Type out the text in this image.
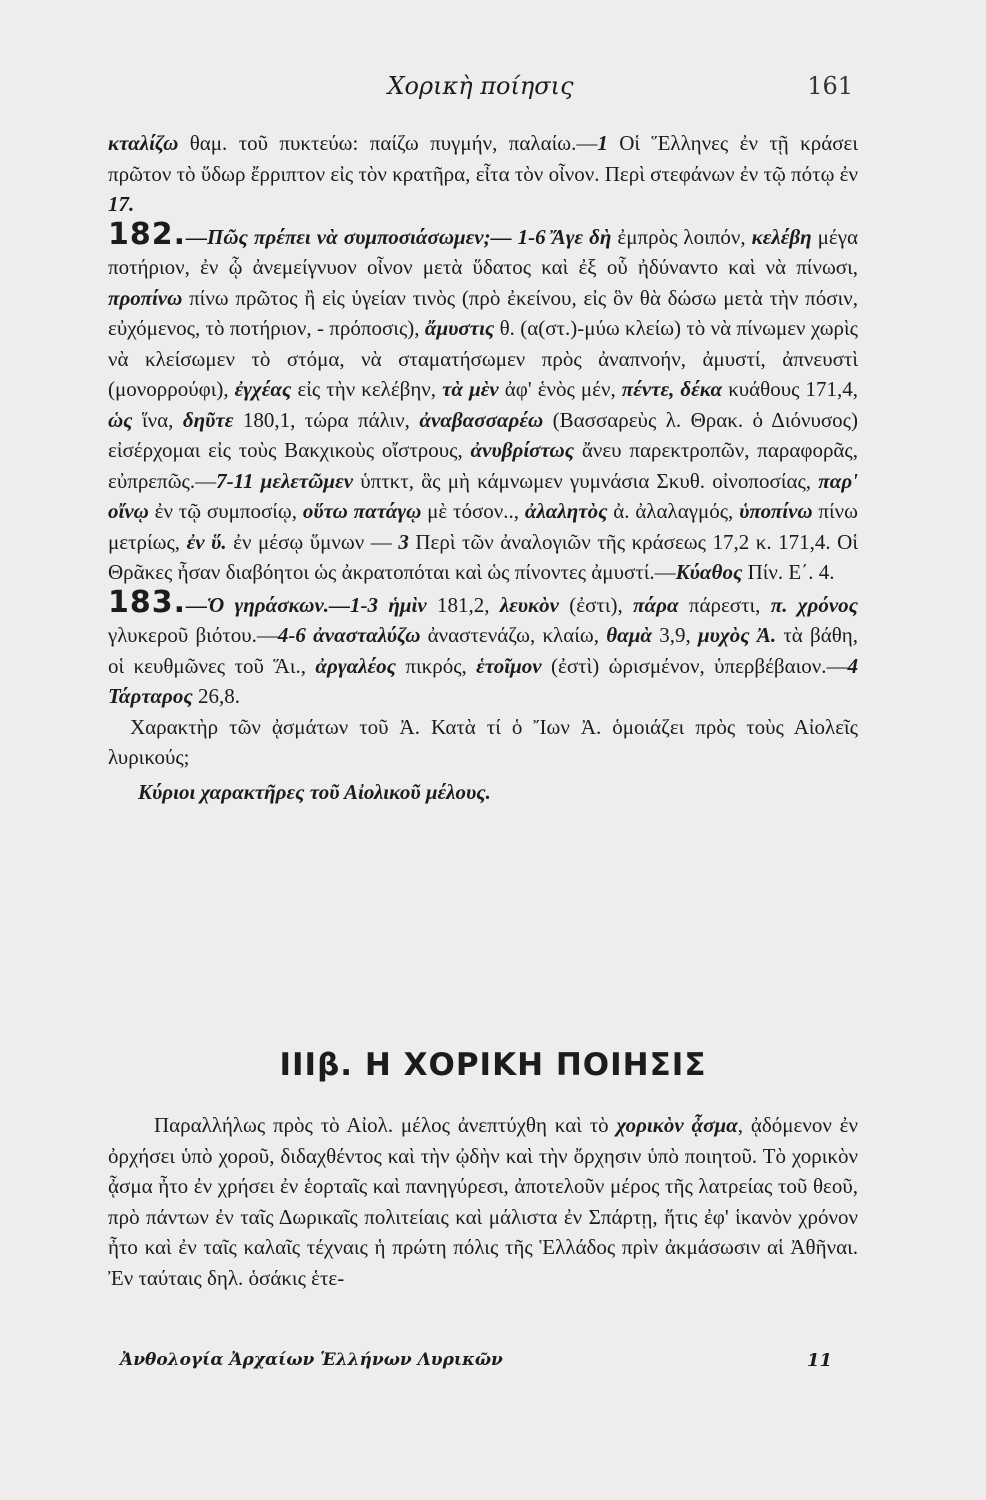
Χορικὴ ποίησις	161

κταλίζω θαμ. τοῦ πυκτεύω: παίζω πυγμήν, παλαίω.—1 Οἱ Ἕλληνες ἐν τῇ κράσει πρῶτον τὸ ὕδωρ ἔρριπτον εἰς τὸν κρατῆρα, εἶτα τὸν οἶνον. Περὶ στεφάνων ἐν τῷ πότῳ ἐν 17.

182.—Πῶς πρέπει νὰ συμποσιάσωμεν;— 1-6 Ἄγε δὴ ἐμπρὸς λοιπόν, κελέβη μέγα ποτήριον, ἐν ᾧ ἀνεμείγνυον οἶνον μετὰ ὕδατος καὶ ἐξ οὗ ἠδύναντο καὶ νὰ πίνωσι, προπίνω πίνω πρῶτος ἢ εἰς ὑγείαν τινὸς (πρὸ ἐκείνου, εἰς ὃν θὰ δώσω μετὰ τὴν πόσιν, εὐχόμενος, τὸ ποτήριον, - πρόποσις), ἄμυστις θ. (α(στ.)-μύω κλείω) τὸ νὰ πίνωμεν χωρὶς νὰ κλείσωμεν τὸ στόμα, νὰ σταματήσωμεν πρὸς ἀναπνοήν, ἀμυστί, ἀπνευστὶ (μονορρούφι), ἐγχέας εἰς τὴν κελέβην, τὰ μὲν ἀφ' ἑνὸς μέν, πέντε, δέκα κυάθους 171,4, ὡς ἵνα, δηῦτε 180,1, τώρα πάλιν, ἀναβασσαρέω (Βασσαρεὺς λ. Θρακ. ὁ Διόνυσος) εἰσέρχομαι εἰς τοὺς Βακχικοὺς οἴστρους, ἀνυβρίστως ἄνευ παρεκτροπῶν, παραφορᾶς, εὐπρεπῶς.—7-11 μελετῶμεν ὑπτκτ, ἃς μὴ κάμνωμεν γυμνάσια Σκυθ. οἰνοποσίας, παρ' οἴνῳ ἐν τῷ συμποσίῳ, οὕτω πατάγῳ μὲ τόσον.., ἀλαλητὸς ἀ. ἀλαλαγμός, ὑποπίνω πίνω μετρίως, ἐν ὕ. ἐν μέσῳ ὕμνων — 3 Περὶ τῶν ἀναλογιῶν τῆς κράσεως 17,2 κ. 171,4. Οἱ Θρᾶκες ἦσαν διαβόητοι ὡς ἀκρατοπόται καὶ ὡς πίνοντες ἀμυστί.—Κύαθος Πίν. Ε΄. 4.

183.—Ὁ γηράσκων.—1-3 ἡμὶν 181,2, λευκὸν (ἐστι), πάρα πάρεστι, π. χρόνος γλυκεροῦ βιότου.—4-6 ἀνασταλύζω ἀναστενάζω, κλαίω, θαμὰ 3,9, μυχὸς Ἀ. τὰ βάθη, οἱ κευθμῶνες τοῦ Ἅι., ἀργαλέος πικρός, ἑτοῖμον (ἐστὶ) ὡρισμένον, ὑπερβέβαιον.—4 Τάρταρος 26,8.

Χαρακτὴρ τῶν ᾀσμάτων τοῦ Ἀ. Κατὰ τί ὁ Ἴων Ἀ. ὁμοιάζει πρὸς τοὺς Αἰολεῖς λυρικούς;

Κύριοι χαρακτῆρες τοῦ Αἰολικοῦ μέλους.

ΙΙΙβ. Η ΧΟΡΙΚΗ ΠΟΙΗΣΙΣ
Παραλλήλως πρὸς τὸ Αἰολ. μέλος ἀνεπτύχθη καὶ τὸ χορικὸν ᾆσμα, ᾀδόμενον ἐν ὀρχήσει ὑπὸ χοροῦ, διδαχθέντος καὶ τὴν ᾠδὴν καὶ τὴν ὄρχησιν ὑπὸ ποιητοῦ. Τὸ χορικὸν ᾆσμα ἦτο ἐν χρήσει ἐν ἑορταῖς καὶ πανηγύρεσι, ἀποτελοῦν μέρος τῆς λατρείας τοῦ θεοῦ, πρὸ πάντων ἐν ταῖς Δωρικαῖς πολιτείαις καὶ μάλιστα ἐν Σπάρτῃ, ἥτις ἐφ' ἱκανὸν χρόνον ἦτο καὶ ἐν ταῖς καλαῖς τέχναις ἡ πρώτη πόλις τῆς Ἑλλάδος πρὶν ἀκμάσωσιν αἱ Ἀθῆναι. Ἐν ταύταις δηλ. ὁσάκις ἑτε-
Ἀνθολογία Ἀρχαίων Ἑλλήνων Λυρικῶν	11
